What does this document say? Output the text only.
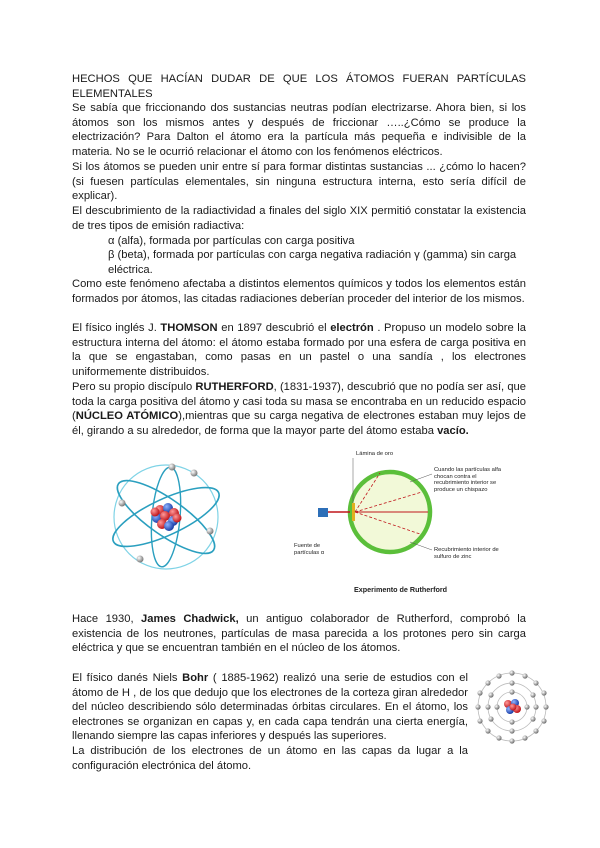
HECHOS QUE HACÍAN DUDAR DE QUE LOS ÁTOMOS FUERAN PARTÍCULAS ELEMENTALES
Se sabía que friccionando dos sustancias neutras podían electrizarse. Ahora bien, si los átomos son los mismos antes y después de friccionar …..¿Cómo se produce la electrización? Para Dalton el átomo era la partícula más pequeña e indivisible de la materia. No se le ocurrió relacionar el átomo con los fenómenos eléctricos.
Si los átomos se pueden unir entre sí para formar distintas sustancias ... ¿cómo lo hacen? (si fuesen partículas elementales, sin ninguna estructura interna, esto sería difícil de explicar).
El descubrimiento de la radiactividad a finales del siglo XIX permitió constatar la existencia de tres tipos de emisión radiactiva:
α (alfa), formada por partículas con carga positiva
β (beta), formada por partículas con carga negativa radiación γ (gamma) sin carga eléctrica.
Como este fenómeno afectaba a distintos elementos químicos y todos los elementos están formados por átomos, las citadas radiaciones deberían proceder del interior de los mismos.
El físico inglés J. THOMSON en 1897 descubrió el electrón . Propuso un modelo sobre la estructura interna del átomo: el átomo estaba formado por una esfera de carga positiva en la que se engastaban, como pasas en un pastel o una sandía , los electrones uniformemente distribuidos.
Pero su propio discípulo RUTHERFORD, (1831-1937), descubrió que no podía ser así, que toda la carga positiva del átomo y casi toda su masa se encontraba en un reducido espacio (NÚCLEO ATÓMICO),mientras que su carga negativa de electrones estaban muy lejos de él, girando a su alrededor, de forma que la mayor parte del átomo estaba vacío.
Lámina de oro
Cuando las partículas alfa chocan contra el recubrimiento interior se produce un chispazo
Fuente de partículas α	Recubrimiento interior de sulfuro de zinc
Experimento de Rutherford
Hace 1930, James Chadwick, un antiguo colaborador de Rutherford, comprobó la existencia de los neutrones, partículas de masa parecida a los protones pero sin carga eléctrica y que se encuentran también en el núcleo de los átomos.
El físico danés Niels Bohr ( 1885-1962) realizó una serie de estudios con el átomo de H , de los que dedujo que los electrones de la corteza giran alrededor del núcleo describiendo sólo determinadas órbitas circulares. En el átomo, los electrones se organizan en capas y, en cada capa tendrán una cierta energía, llenando siempre las capas inferiores y después las superiores.
La distribución de los electrones de un átomo en las capas da lugar a la configuración electrónica del átomo.
